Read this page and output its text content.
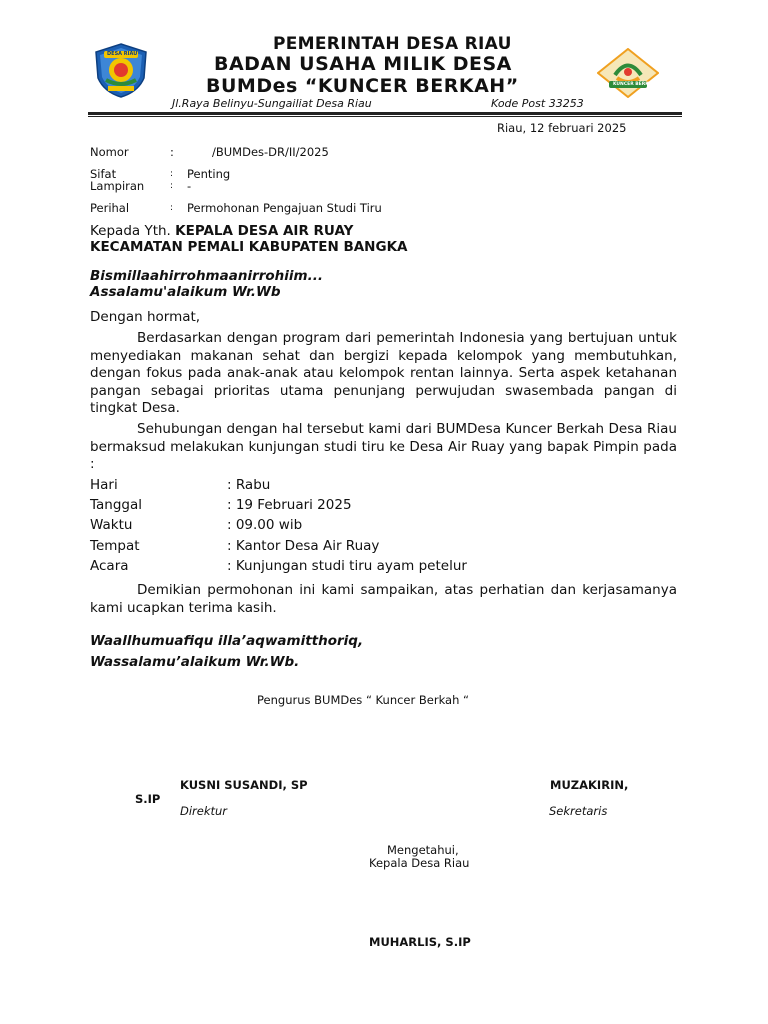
DESA RIAU
KUNCER BERKAH
PEMERINTAH DESA RIAU
BADAN USAHA MILIK DESA
BUMDes “KUNCER BERKAH”
Jl.Raya Belinyu-Sungailiat Desa Riau	Kode Post 33253
Riau, 12 februari 2025
Nomor	:	/BUMDes-DR/II/2025
Sifat	: Penting
Lampiran	: -
Perihal	: Permohonan Pengajuan Studi Tiru
Kepada Yth. KEPALA DESA AIR RUAY
KECAMATAN PEMALI KABUPATEN BANGKA
Bismillaahirrohmaanirrohiim...
Assalamu'alaikum Wr.Wb
Dengan hormat,
Berdasarkan dengan program dari pemerintah Indonesia yang bertujuan untuk menyediakan makanan sehat dan bergizi kepada kelompok yang membutuhkan, dengan fokus pada anak-anak atau kelompok rentan lainnya. Serta aspek ketahanan pangan sebagai prioritas utama penunjang perwujudan swasembada pangan di tingkat Desa.
Sehubungan dengan hal tersebut kami dari BUMDesa Kuncer Berkah Desa Riau bermaksud melakukan kunjungan studi tiru ke Desa Air Ruay yang bapak Pimpin pada :
Hari	: Rabu
Tanggal	: 19 Februari 2025
Waktu	: 09.00 wib
Tempat	: Kantor Desa Air Ruay
Acara	: Kunjungan studi tiru ayam petelur
Demikian permohonan ini kami sampaikan, atas perhatian dan kerjasamanya kami ucapkan terima kasih.
Waallhumuafiqu illa’aqwamitthoriq,
Wassalamu’alaikum Wr.Wb.
Pengurus BUMDes “ Kuncer Berkah “
KUSNI SUSANDI, SP
S.IP
Direktur
MUZAKIRIN,
Sekretaris
Mengetahui,
Kepala Desa Riau
MUHARLIS, S.IP
